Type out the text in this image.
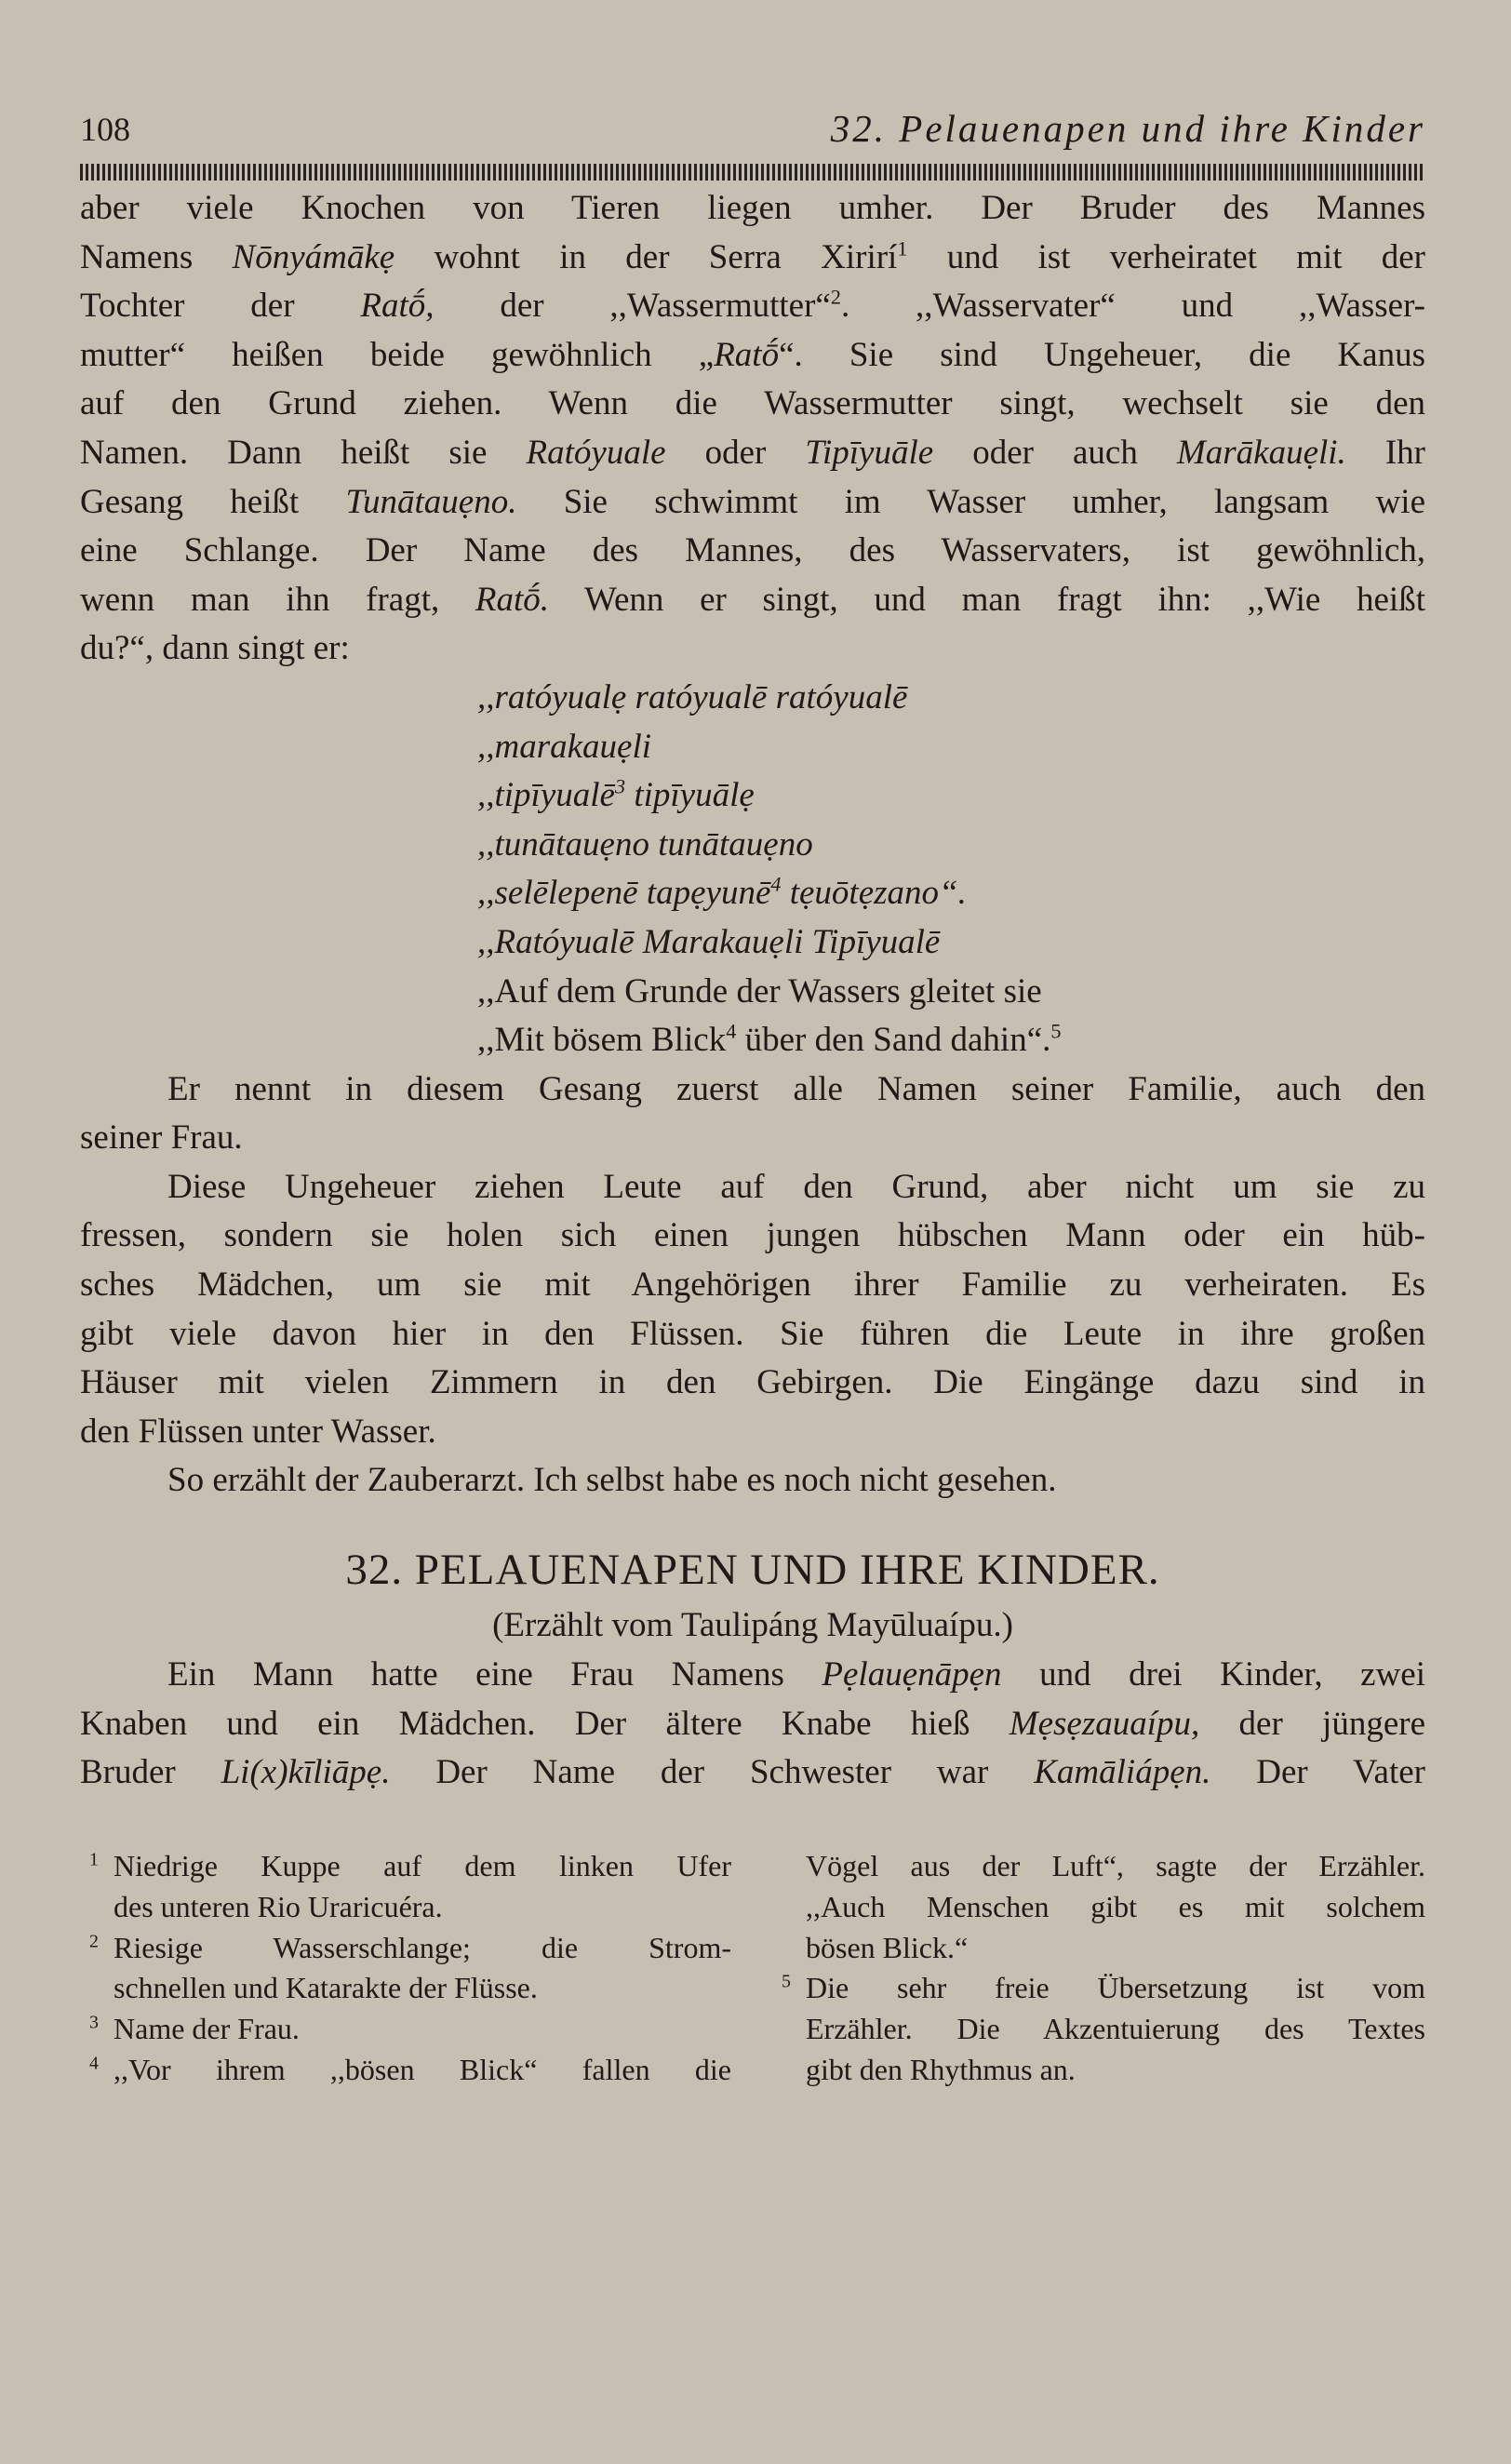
108	32. Pelauenapen und ihre Kinder
aber viele Knochen von Tieren liegen umher. Der Bruder des Mannes
Namens Nōnyámākẹ wohnt in der Serra Xirirí$^1$ und ist verheiratet mit der
Tochter der Ratṓ, der ,,Wassermutter“$^2$. ,,Wasservater“ und ,,Wasser-
mutter“ heißen beide gewöhnlich „Ratṓ“. Sie sind Ungeheuer, die Kanus
auf den Grund ziehen. Wenn die Wassermutter singt, wechselt sie den
Namen. Dann heißt sie Ratóyuale oder Tipīyuāle oder auch Marākauẹli. Ihr
Gesang heißt Tunātauẹno. Sie schwimmt im Wasser umher, langsam wie
eine Schlange. Der Name des Mannes, des Wasservaters, ist gewöhnlich,
wenn man ihn fragt, Ratṓ. Wenn er singt, und man fragt ihn: ,,Wie heißt
du?“, dann singt er:
,,ratóyualẹ ratóyualē ratóyualē
,,marakauẹli
,,tipīyualē$^3$ tipīyuālẹ
,,tunātauẹno tunātauẹno
,,selēlepenē tapẹyunē$^4$ tẹuōtẹzano“.
,,Ratóyualē Marakauẹli Tipīyualē
,,Auf dem Grunde der Wassers gleitet sie
,,Mit bösem Blick$^4$ über den Sand dahin“.$^5$
Er nennt in diesem Gesang zuerst alle Namen seiner Familie, auch den
seiner Frau.
Diese Ungeheuer ziehen Leute auf den Grund, aber nicht um sie zu
fressen, sondern sie holen sich einen jungen hübschen Mann oder ein hüb-
sches Mädchen, um sie mit Angehörigen ihrer Familie zu verheiraten. Es
gibt viele davon hier in den Flüssen. Sie führen die Leute in ihre großen
Häuser mit vielen Zimmern in den Gebirgen. Die Eingänge dazu sind in
den Flüssen unter Wasser.
So erzählt der Zauberarzt. Ich selbst habe es noch nicht gesehen.
32. PELAUENAPEN UND IHRE KINDER.
(Erzählt vom Taulipáng Mayūluaípu.)
Ein Mann hatte eine Frau Namens Pẹlauẹnāpẹn und drei Kinder, zwei
Knaben und ein Mädchen. Der ältere Knabe hieß Mẹsẹzauaípu, der jüngere
Bruder Li(x)kīliāpẹ. Der Name der Schwester war Kamāliápẹn. Der Vater
$^1$ Niedrige Kuppe auf dem linken Ufer
des unteren Rio Uraricuéra.
$^2$ Riesige Wasserschlange; die Strom-
schnellen und Katarakte der Flüsse.
$^3$ Name der Frau.
$^4$ ,,Vor ihrem ,,bösen Blick“ fallen die
Vögel aus der Luft“, sagte der Erzähler.
,,Auch Menschen gibt es mit solchem
bösen Blick.“
$^5$ Die sehr freie Übersetzung ist vom
Erzähler. Die Akzentuierung des Textes
gibt den Rhythmus an.
